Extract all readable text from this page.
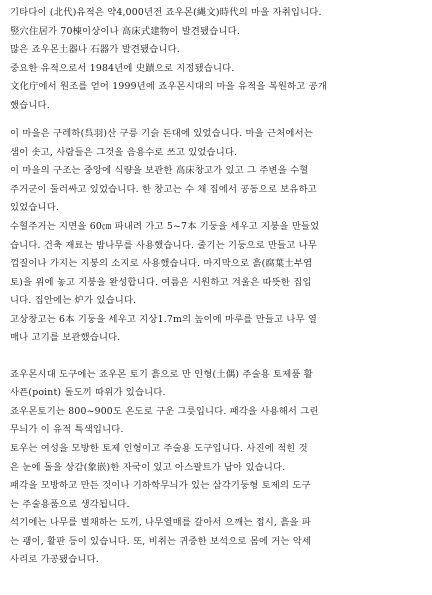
기타다이 (北代)유적은 약4,000년전 죠우몬(縄文)時代의 마을 자취입니다.
竪穴住居가 70棟이상이나 高床式建物이 발견됐습니다.
많은 죠우몬土器나 石器가 발견됐습니다.
중요한 유적으로서 1984년에 史蹟으로 지정됐습니다.
文化庁에서 원조를 얻어 1999년에 죠우몬시대의 마을 유적을 복원하고 공개
했습니다.
이 마을은 구레하(呉羽)산 구릉 기슭 돈대에 있었습니다. 마을 근처에서는
샘이 솟고, 사람들은 그것을 음용수로 쓰고 있었습니다.
이 마을의 구조는 중앙에 식량을 보관한 高床창고가 있고 그 주변을 수혈
주거군이 둘러싸고 있었습니다. 한 창고는 수 채 집에서 공동으로 보유하고
있었습니다.
수혈주거는 지면을 60㎝ 파내려 가고 5~7本 기둥을 세우고 지붕을 만들었
습니다. 건축 재료는 밤나무를 사용했습니다. 줄기는 기둥으로 만들고 나무
껍질이나 가지는 지붕의 소지로 사용했습니다. 마지막으로 흙(腐葉土부엽
토)을 위에 놓고 지붕을 완성합니다. 여름은 시원하고 겨울은 따뜻한 집입
니다. 집안에는 炉가 있습니다.
고상창고는 6本 기둥을 세우고 지상1.7m의 높이에 마루를 만들고 나무 열
매나 고기를 보관했습니다.
죠우몬시대 도구에는 죠우몬 토기 흙으로 만 인형(土偶) 주술용 토제품 활
사픈(point) 돌도끼 따위가 있습니다.
죠우몬토기는 800~900도 온도로 구운 그릇입니다. 패각을 사용해서 그린
무늬가 이 유적 특색입니다.
토우는 여성을 모방한 토제 인형이고 주술용 도구입니다. 사진에 적힌 것
은 눈에 돌을 상감(象嵌)한 자국이 있고 아스팔트가 남아 있습니다.
패각을 모방하고 만든 것이나 기하학무늬가 있는 삼각기둥형 토제의 도구
는 주술용품으로 생각됩니다.
석기에는 나무를 벌채하는 도끼, 나무열매를 갈아서 으깨는 접시, 흙을 파
는 괭이, 활판 등이 있습니다. 또, 비취는 귀중한 보석으로 몸에 거는 악세
사리로 가공됐습니다.
